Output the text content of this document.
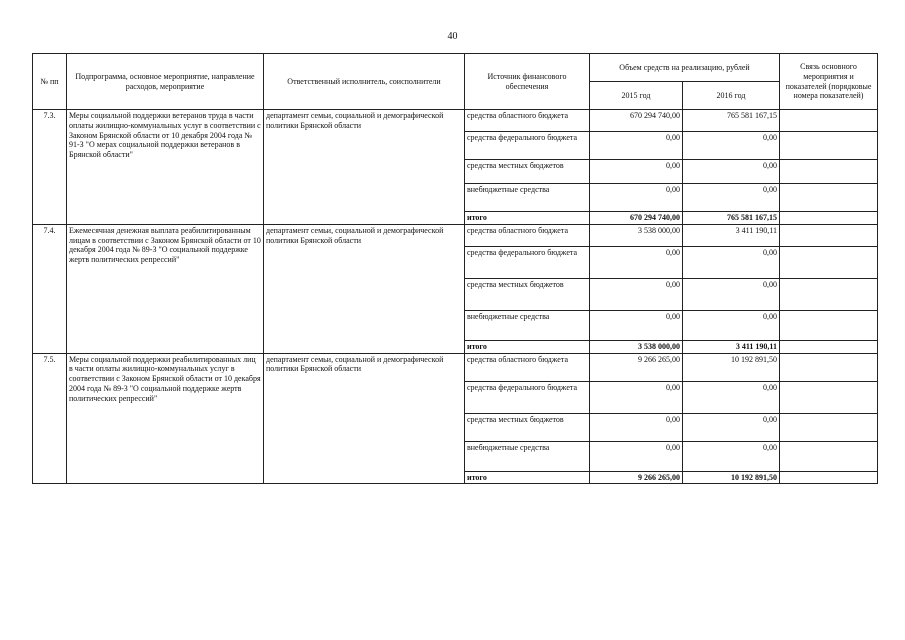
40
№ пп	Подпрограмма, основное мероприятие, направление расходов, мероприятие	Ответственный исполнитель, соисполнители	Источник финансового обеспечения	Объем средств на реализацию, рублей		Связь основного мероприятия и показателей (порядковые номера показателей)
				2015 год	2016 год	
7.3.	Меры социальной поддержки ветеранов труда в части оплаты жилищно-коммунальных услуг в соответствии с Законом Брянской области от 10 декабря 2004 года № 91-З "О мерах социальной поддержки ветеранов в Брянской области"	департамент семьи, социальной и демографической политики Брянской области	средства областного бюджета	670 294 740,00	765 581 167,15	
			средства федерального бюджета	0,00	0,00	
			средства местных бюджетов	0,00	0,00	
			внебюджетные средства	0,00	0,00	
			итого	670 294 740,00	765 581 167,15	
7.4.	Ежемесячная денежная выплата реабилитированным лицам в соответствии с Законом Брянской области от 10 декабря 2004 года № 89-З "О социальной поддержке жертв политических репрессий"	департамент семьи, социальной и демографической политики Брянской области	средства областного бюджета	3 538 000,00	3 411 190,11	
			средства федерального бюджета	0,00	0,00	
			средства местных бюджетов	0,00	0,00	
			внебюджетные средства	0,00	0,00	
			итого	3 538 000,00	3 411 190,11	
7.5.	Меры социальной поддержки реабилитированных лиц в части оплаты жилищно-коммунальных услуг в соответствии с Законом Брянской области от 10 декабря 2004 года № 89-З "О социальной поддержке жертв политических репрессий"	департамент семьи, социальной и демографической политики Брянской области	средства областного бюджета	9 266 265,00	10 192 891,50	
			средства федерального бюджета	0,00	0,00	
			средства местных бюджетов	0,00	0,00	
			внебюджетные средства	0,00	0,00	
			итого	9 266 265,00	10 192 891,50	
